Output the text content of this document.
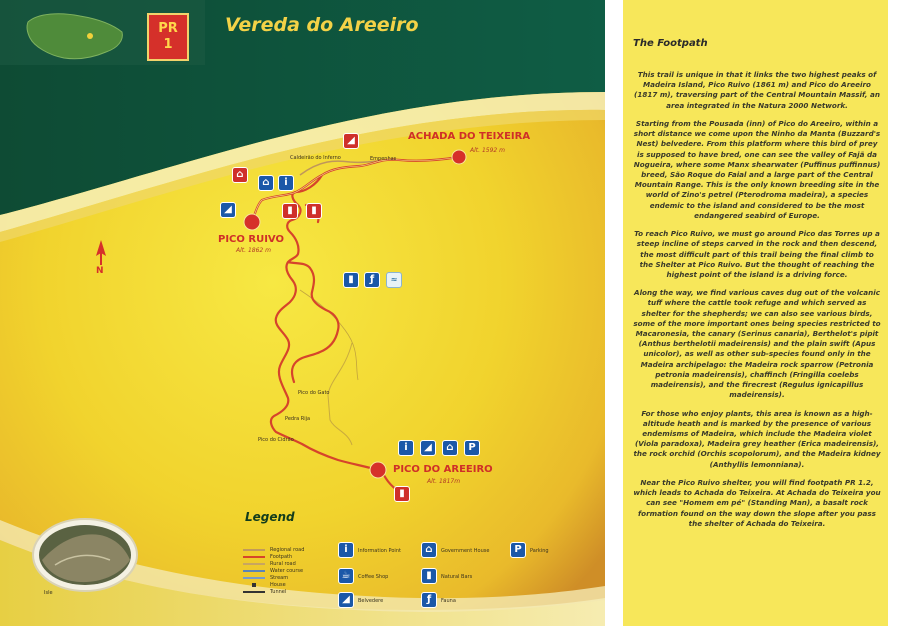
PR
1
Vereda do Areeiro
N
ACHADA DO TEIXEIRA
Alt. 1592 m
PICO RUIVO
Alt. 1862 m
PICO DO AREEIRO
Alt. 1817m
Caldeirão do Inferno	Empenhas
Pico do Gato
Pedra Rija
Pico do Cidrão
◢
⌂
⌂	i
◢	▮	▮
▮	ƒ	≈
i	◢	⌂	P
▮
Legend
Regional road
Footpath
Rural road
Water course
Stream
House
Tunnel
i	Information Point	⌂	Government House	P	Parking
☕	Coffee Shop	▮	Natural Bars
◢	Belvedere	ƒ	Fauna
Isle
The Footpath

This trail is unique in that it links the two highest peaks of Madeira Island, Pico Ruivo (1861 m) and Pico do Areeiro (1817 m), traversing part of the Central Mountain Massif, an area integrated in the Natura 2000 Network.

Starting from the Pousada (inn) of Pico do Areeiro, within a short distance we come upon the Ninho da Manta (Buzzard's Nest) belvedere. From this platform where this bird of prey is supposed to have bred, one can see the valley of Fajã da Nogueira, where some Manx shearwater (Puffinus puffinnus) breed, São Roque do Faial and a large part of the Central Mountain Range. This is the only known breeding site in the world of Zino's petrel (Pterodroma madeira), a species endemic to the island and considered to be the most endangered seabird of Europe.

To reach Pico Ruivo, we must go around Pico das Torres up a steep incline of steps carved in the rock and then descend, the most difficult part of this trail being the final climb to the Shelter at Pico Ruivo. But the thought of reaching the highest point of the island is a driving force.

Along the way, we find various caves dug out of the volcanic tuff where the cattle took refuge and which served as shelter for the shepherds; we can also see various birds, some of the more important ones being species restricted to Macaronesia, the canary (Serinus canaria), Berthelot's pipit (Anthus berthelotii madeirensis) and the plain swift (Apus unicolor), as well as other sub-species found only in the Madeira archipelago: the Madeira rock sparrow (Petronia petronia madeirensis), chaffinch (Fringilla coelebs madeirensis), and the firecrest (Regulus ignicapillus madeirensis).

For those who enjoy plants, this area is known as a high-altitude heath and is marked by the presence of various endemisms of Madeira, which include the Madeira violet (Viola paradoxa), Madeira grey heather (Erica madeirensis), the rock orchid (Orchis scopolorum), and the Madeira kidney (Anthyllis lemonniana).

Near the Pico Ruivo shelter, you will find footpath PR 1.2, which leads to Achada do Teixeira. At Achada do Teixeira you can see "Homem em pé" (Standing Man), a basalt rock formation found on the way down the slope after you pass the shelter of Achada do Teixeira.
